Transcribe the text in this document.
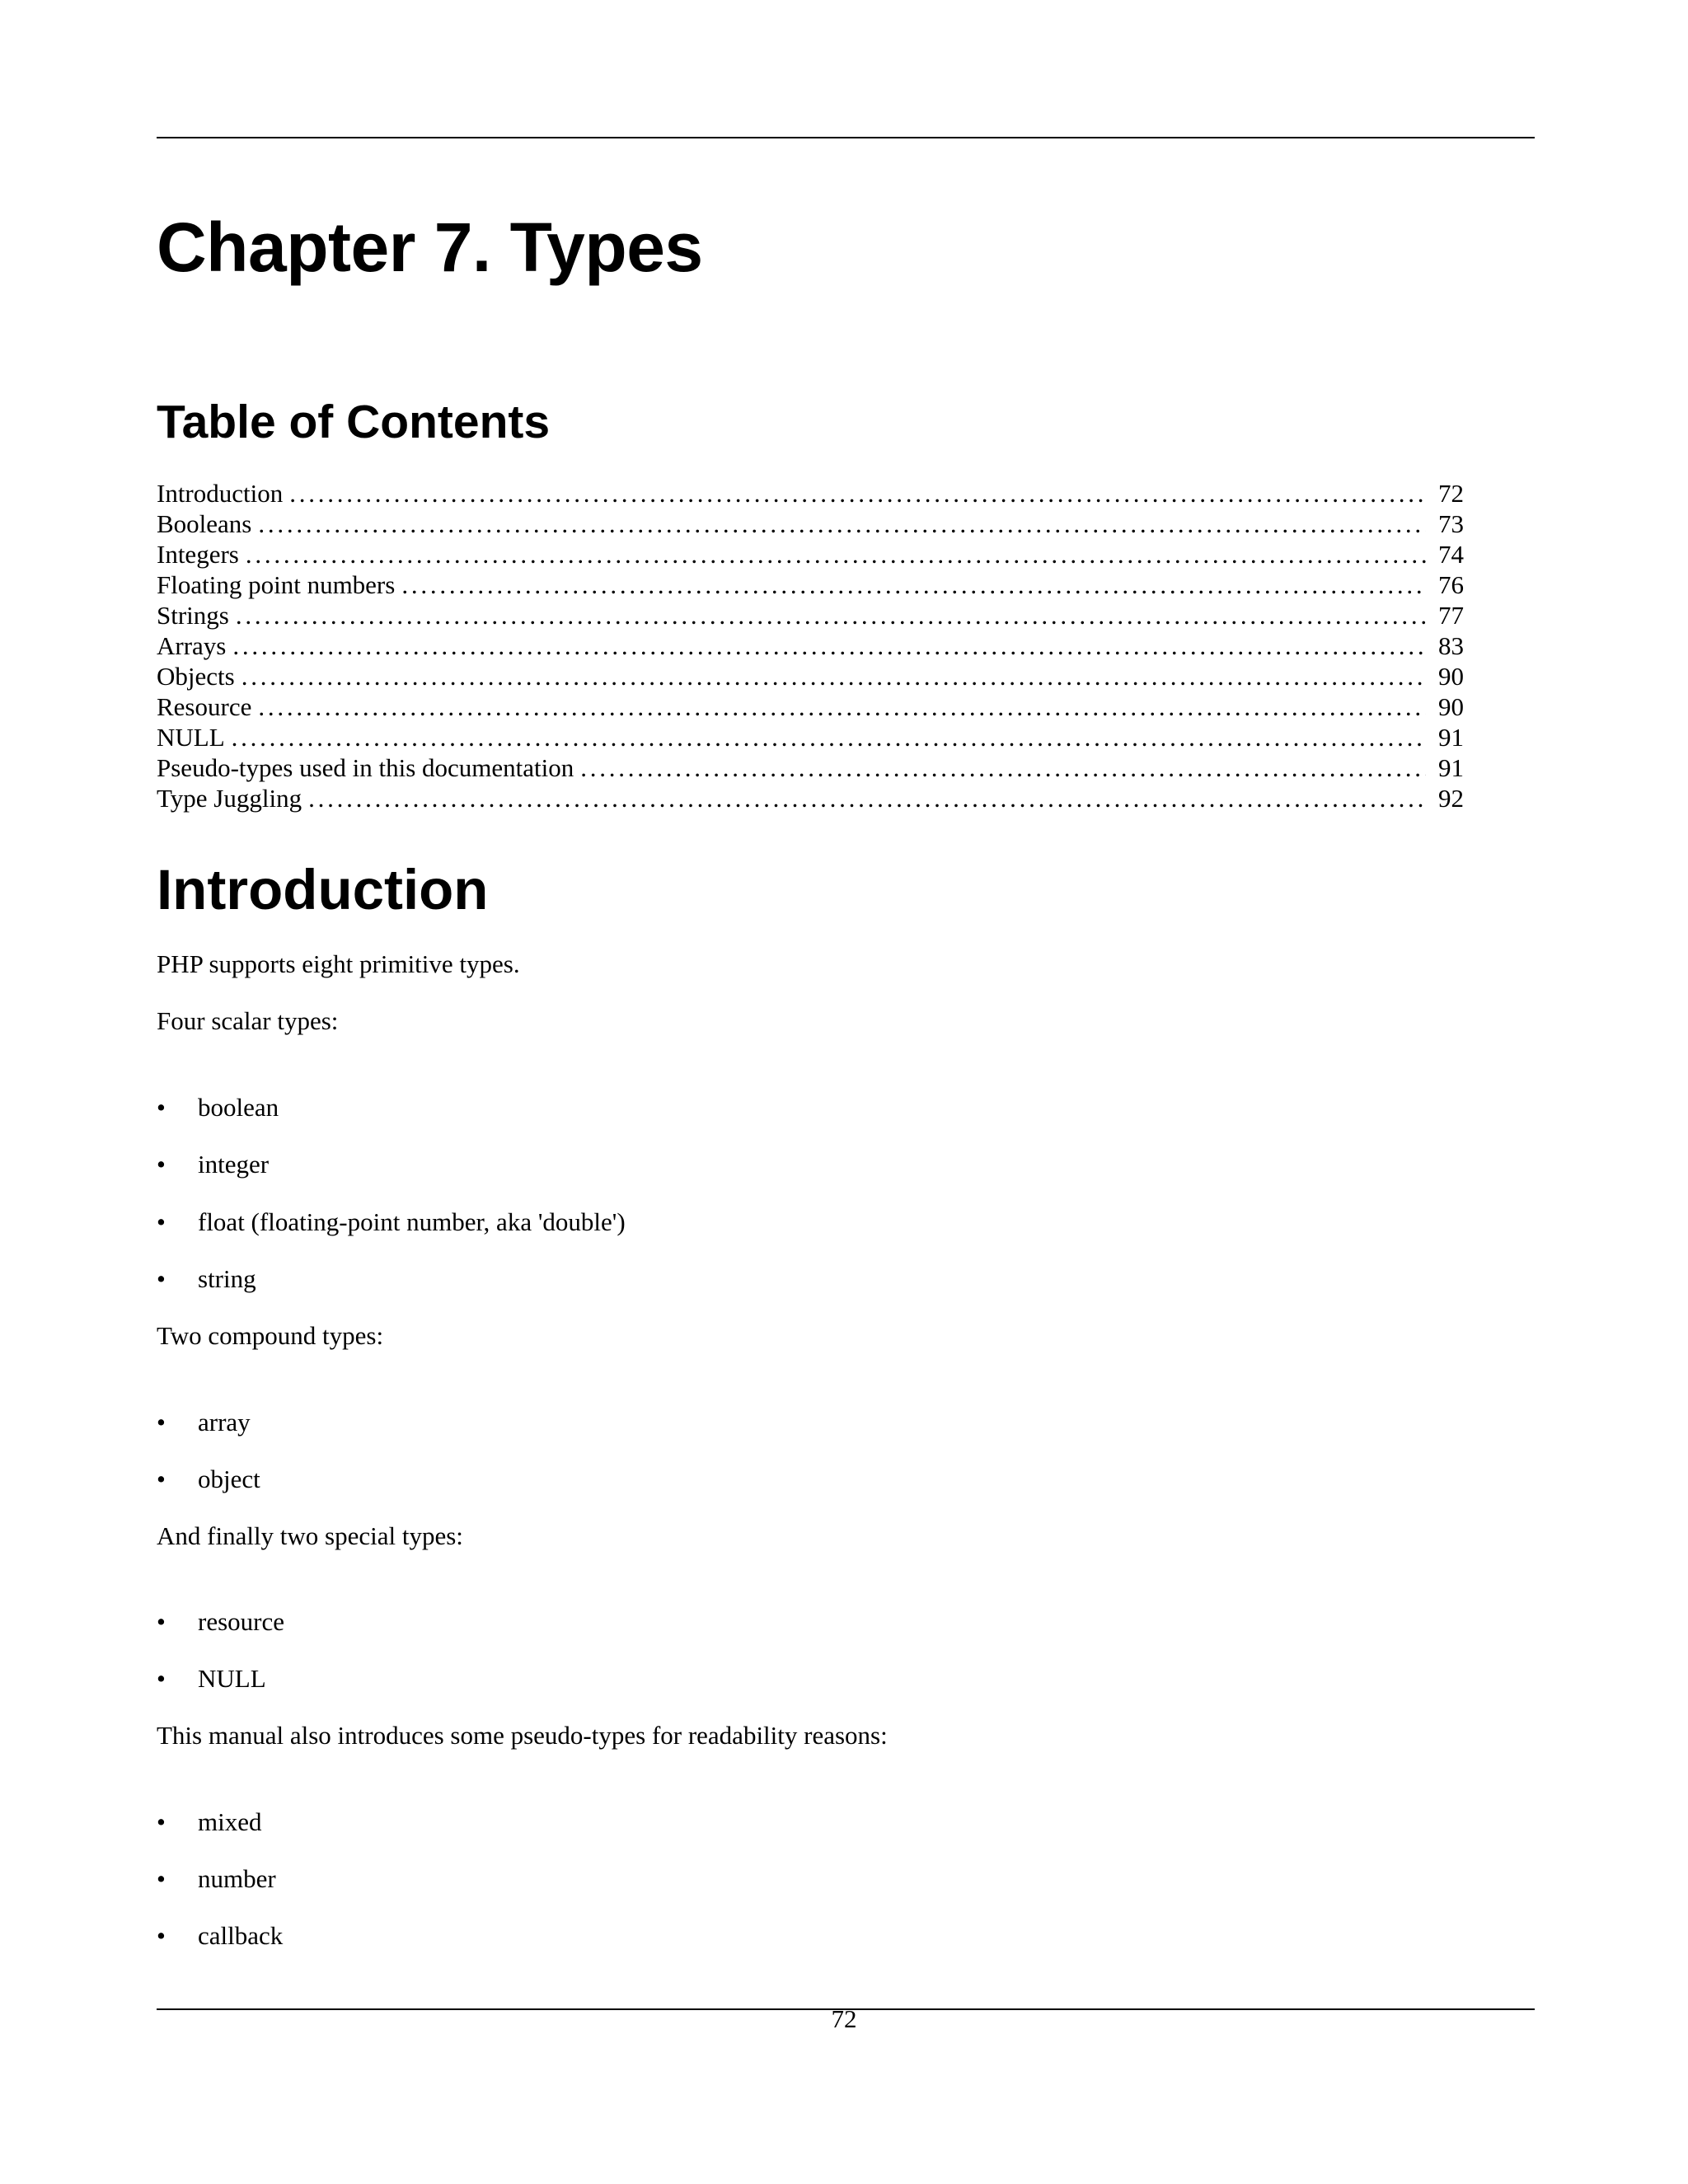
Chapter 7. Types
Table of Contents
Introduction . . .	72
Booleans . . .	73
Integers . . .	74
Floating point numbers . . .	76
Strings . . .	77
Arrays . . .	83
Objects . . .	90
Resource . . .	90
NULL . . .	91
Pseudo-types used in this documentation . . .	91
Type Juggling . . .	92
Introduction

PHP supports eight primitive types.

Four scalar types:

• boolean
• integer
• float (floating-point number, aka 'double')
• string

Two compound types:

• array
• object

And finally two special types:

• resource
• NULL

This manual also introduces some pseudo-types for readability reasons:

• mixed
• number
• callback
72
